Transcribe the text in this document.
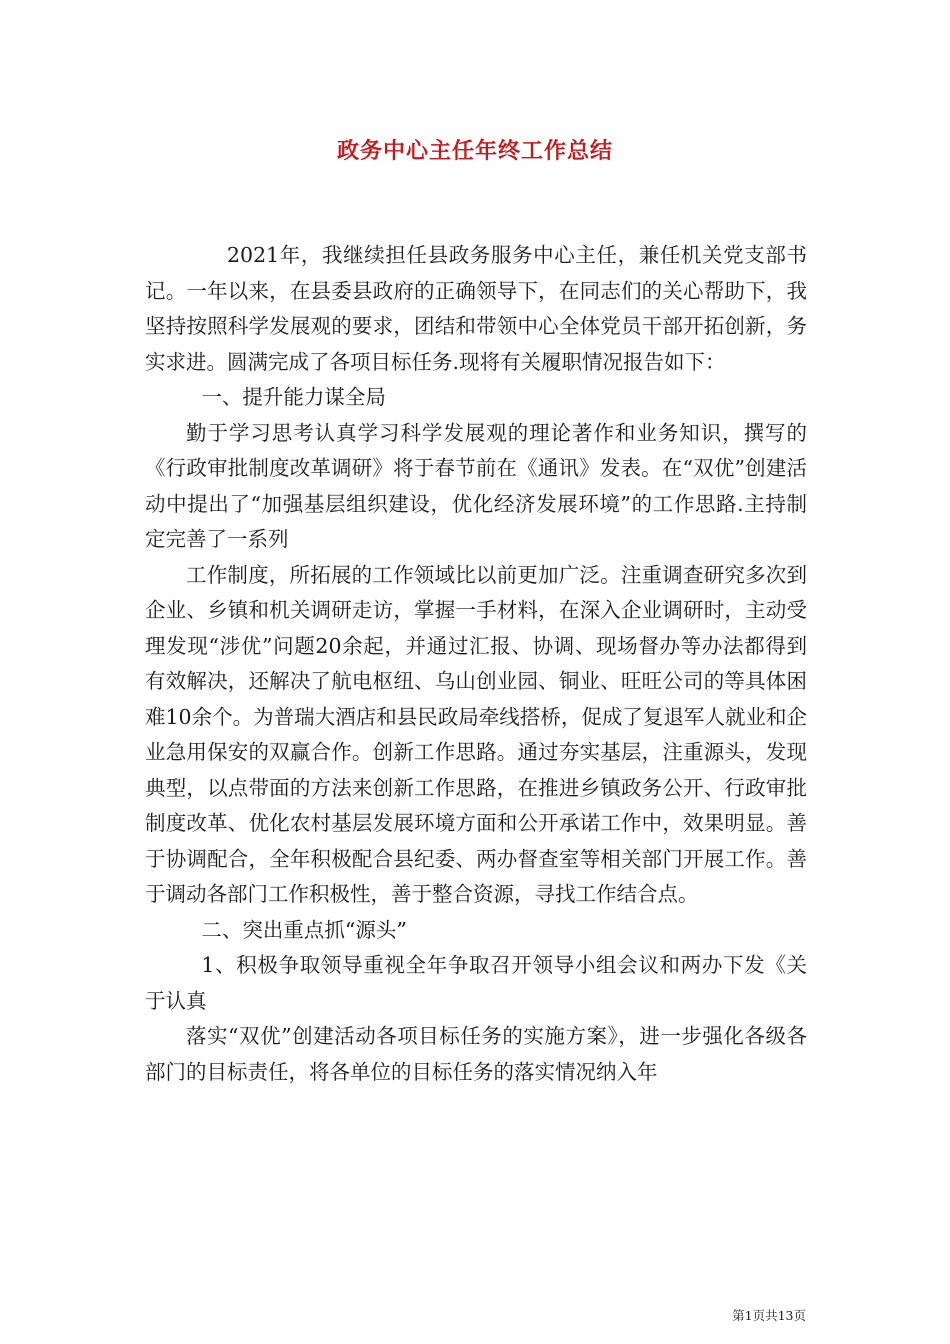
政务中心主任年终工作总结

2021年，我继续担任县政务服务中心主任，兼任机关党支部书记。一年以来，在县委县政府的正确领导下，在同志们的关心帮助下，我坚持按照科学发展观的要求，团结和带领中心全体党员干部开拓创新，务实求进。圆满完成了各项目标任务.现将有关履职情况报告如下：

一、提升能力谋全局

勤于学习思考认真学习科学发展观的理论著作和业务知识，撰写的《行政审批制度改革调研》将于春节前在《通讯》发表。在“双优”创建活动中提出了“加强基层组织建设，优化经济发展环境”的工作思路.主持制定完善了一系列

工作制度，所拓展的工作领域比以前更加广泛。注重调查研究多次到企业、乡镇和机关调研走访，掌握一手材料，在深入企业调研时，主动受理发现“涉优”问题20余起，并通过汇报、协调、现场督办等办法都得到有效解决，还解决了航电枢纽、乌山创业园、铜业、旺旺公司的等具体困难10余个。为普瑞大酒店和县民政局牵线搭桥，促成了复退军人就业和企业急用保安的双赢合作。创新工作思路。通过夯实基层，注重源头，发现典型，以点带面的方法来创新工作思路，在推进乡镇政务公开、行政审批制度改革、优化农村基层发展环境方面和公开承诺工作中，效果明显。善于协调配合，全年积极配合县纪委、两办督查室等相关部门开展工作。善于调动各部门工作积极性，善于整合资源，寻找工作结合点。

二、突出重点抓“源头”

1、积极争取领导重视全年争取召开领导小组会议和两办下发《关于认真

落实“双优”创建活动各项目标任务的实施方案》，进一步强化各级各部门的目标责任，将各单位的目标任务的落实情况纳入年

第1页共13页
